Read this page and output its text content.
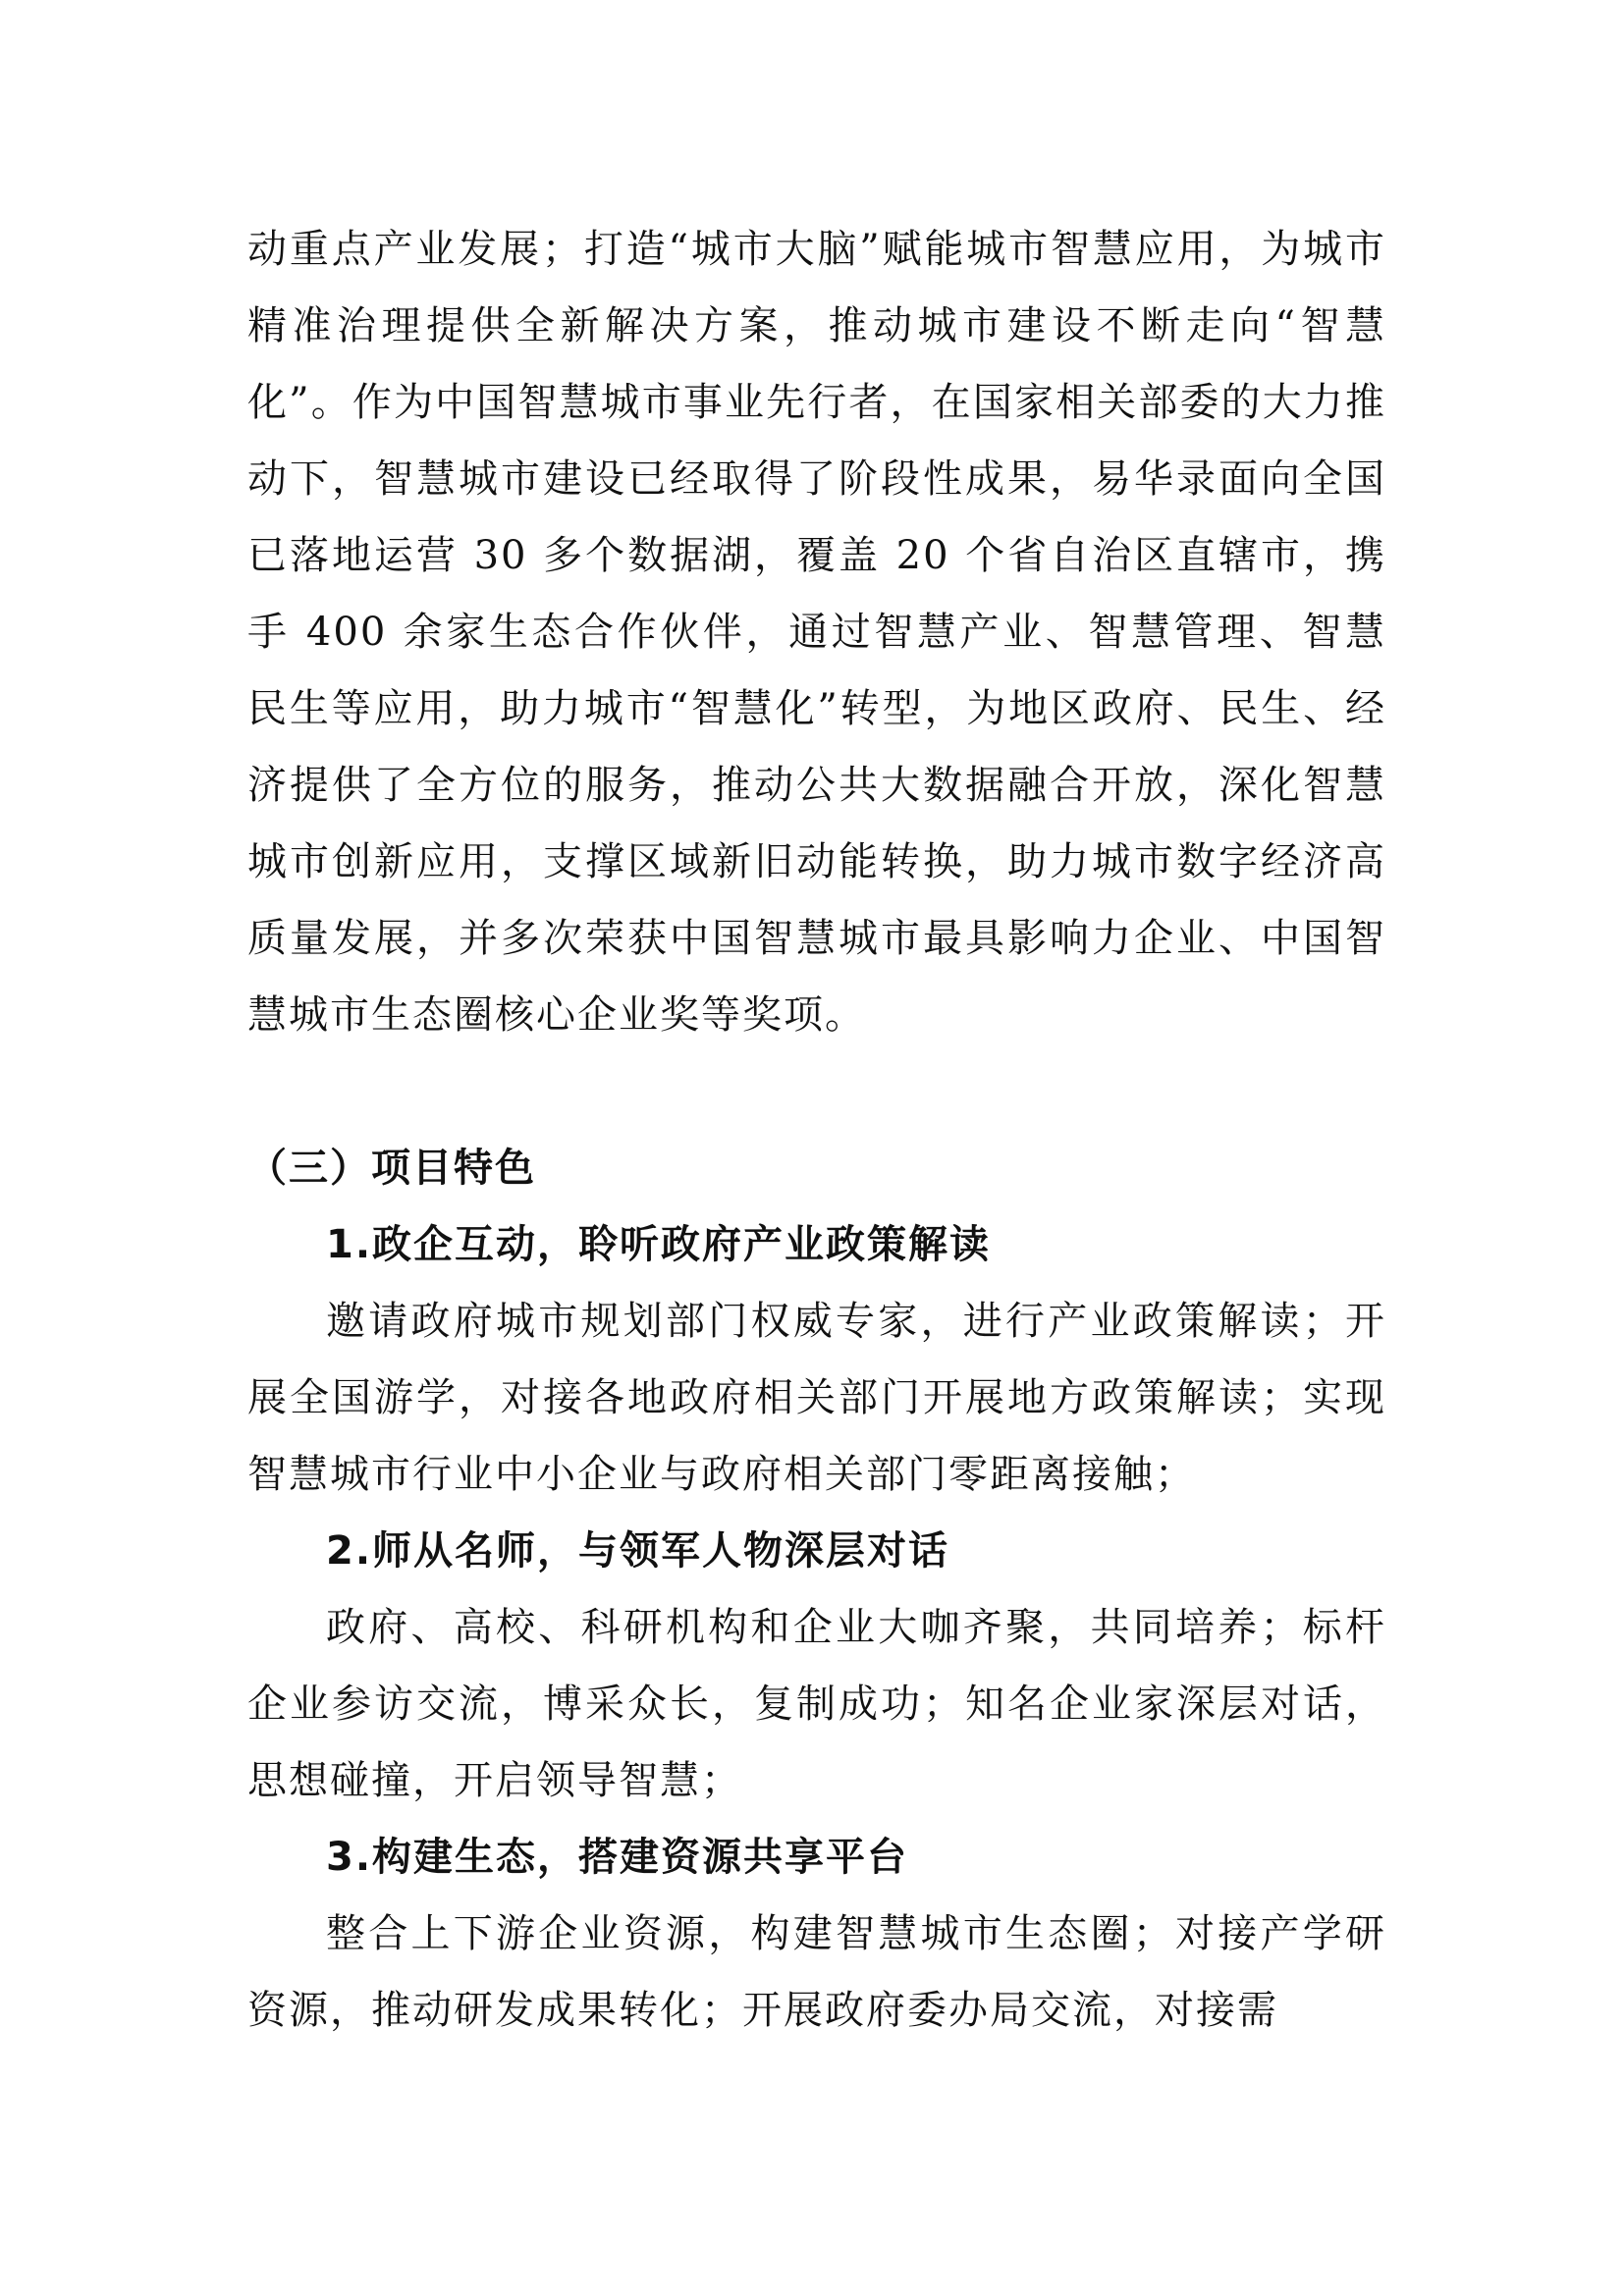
动重点产业发展；打造“城市大脑”赋能城市智慧应用，为城市精准治理提供全新解决方案，推动城市建设不断走向“智慧化”。作为中国智慧城市事业先行者，在国家相关部委的大力推动下，智慧城市建设已经取得了阶段性成果，易华录面向全国已落地运营 30 多个数据湖，覆盖 20 个省自治区直辖市，携手 400 余家生态合作伙伴，通过智慧产业、智慧管理、智慧民生等应用，助力城市“智慧化”转型，为地区政府、民生、经济提供了全方位的服务，推动公共大数据融合开放，深化智慧城市创新应用，支撑区域新旧动能转换，助力城市数字经济高质量发展，并多次荣获中国智慧城市最具影响力企业、中国智慧城市生态圈核心企业奖等奖项。

（三）项目特色
1.政企互动，聆听政府产业政策解读

邀请政府城市规划部门权威专家，进行产业政策解读；开展全国游学，对接各地政府相关部门开展地方政策解读；实现智慧城市行业中小企业与政府相关部门零距离接触；

2.师从名师，与领军人物深层对话

政府、高校、科研机构和企业大咖齐聚，共同培养；标杆企业参访交流，博采众长，复制成功；知名企业家深层对话，思想碰撞，开启领导智慧；

3.构建生态，搭建资源共享平台

整合上下游企业资源，构建智慧城市生态圈；对接产学研资源，推动研发成果转化；开展政府委办局交流，对接需
